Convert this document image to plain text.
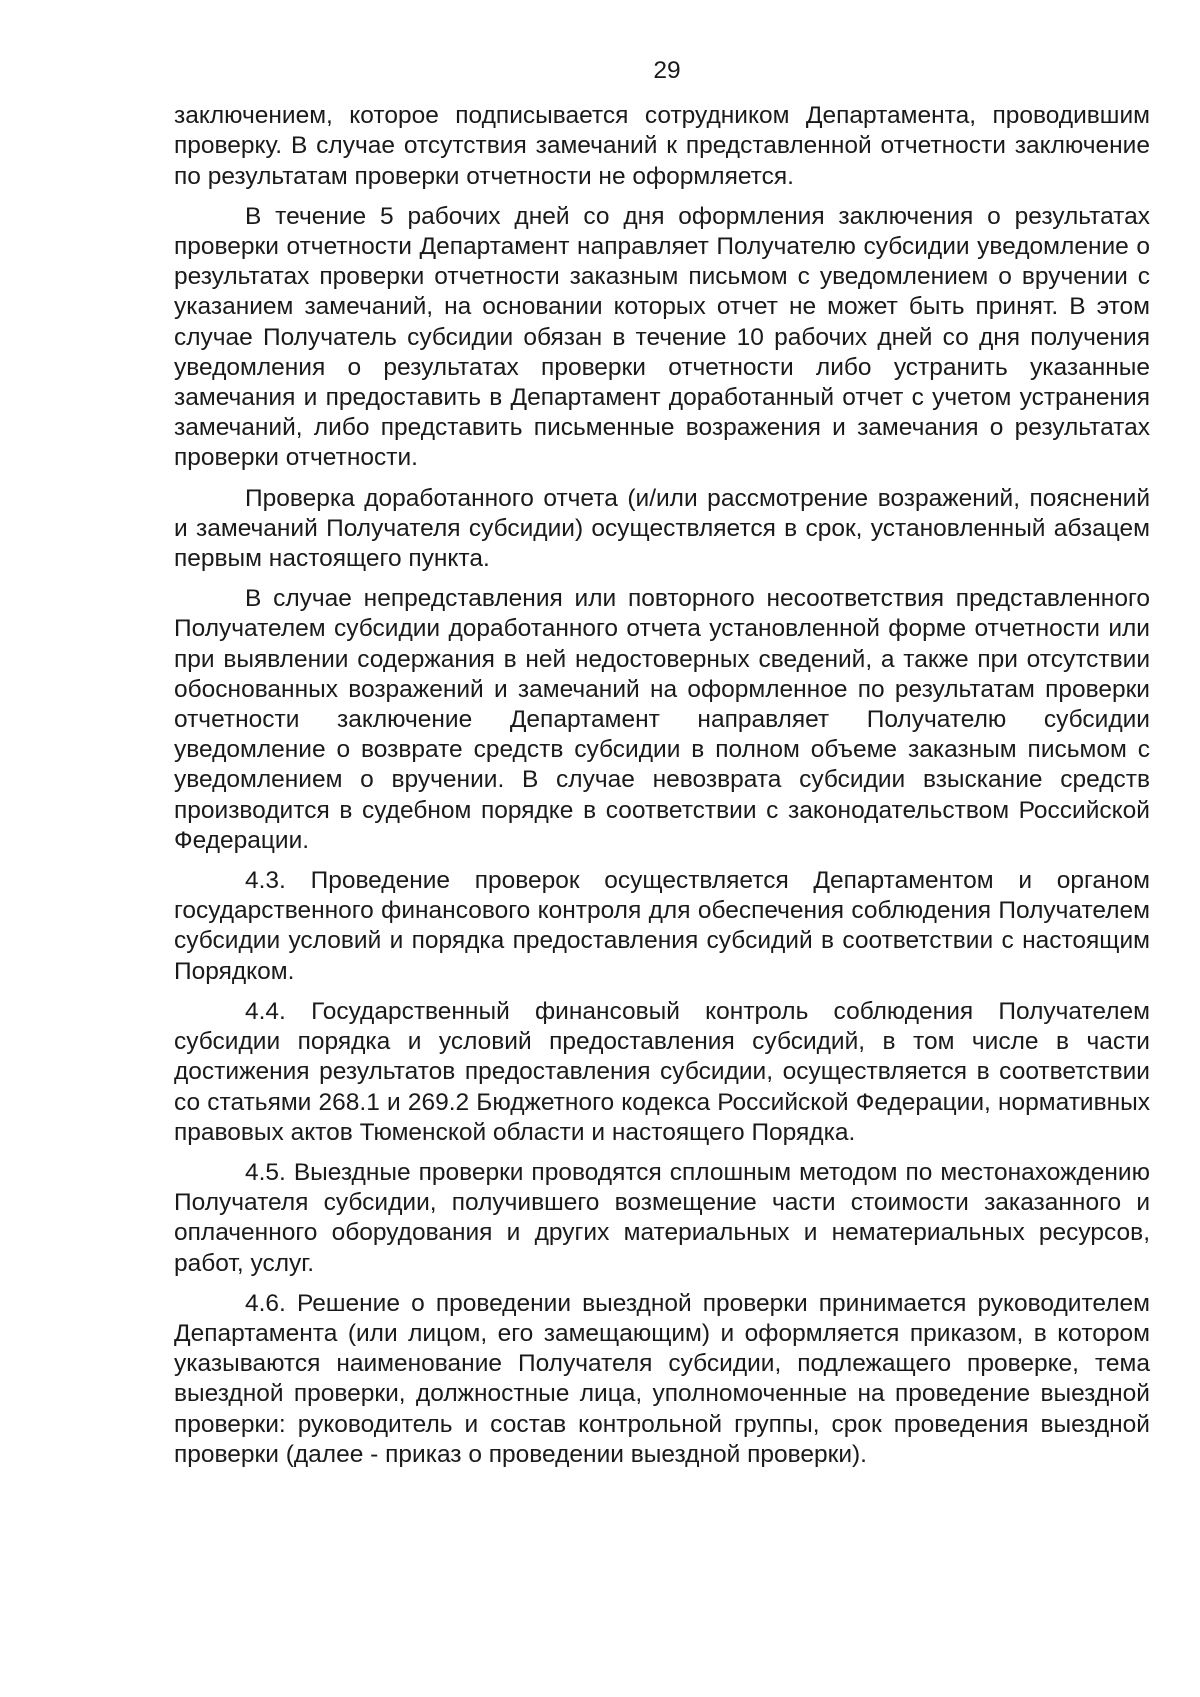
29

заключением, которое подписывается сотрудником Департамента, проводившим проверку. В случае отсутствия замечаний к представленной отчетности заключение по результатам проверки отчетности не оформляется.

В течение 5 рабочих дней со дня оформления заключения о результатах проверки отчетности Департамент направляет Получателю субсидии уведомление о результатах проверки отчетности заказным письмом с уведомлением о вручении с указанием замечаний, на основании которых отчет не может быть принят. В этом случае Получатель субсидии обязан в течение 10 рабочих дней со дня получения уведомления о результатах проверки отчетности либо устранить указанные замечания и предоставить в Департамент доработанный отчет с учетом устранения замечаний, либо представить письменные возражения и замечания о результатах проверки отчетности.

Проверка доработанного отчета (и/или рассмотрение возражений, пояснений и замечаний Получателя субсидии) осуществляется в срок, установленный абзацем первым настоящего пункта.

В случае непредставления или повторного несоответствия представленного Получателем субсидии доработанного отчета установленной форме отчетности или при выявлении содержания в ней недостоверных сведений, а также при отсутствии обоснованных возражений и замечаний на оформленное по результатам проверки отчетности заключение Департамент направляет Получателю субсидии уведомление о возврате средств субсидии в полном объеме заказным письмом с уведомлением о вручении. В случае невозврата субсидии взыскание средств производится в судебном порядке в соответствии с законодательством Российской Федерации.

4.3. Проведение проверок осуществляется Департаментом и органом государственного финансового контроля для обеспечения соблюдения Получателем субсидии условий и порядка предоставления субсидий в соответствии с настоящим Порядком.

4.4. Государственный финансовый контроль соблюдения Получателем субсидии порядка и условий предоставления субсидий, в том числе в части достижения результатов предоставления субсидии, осуществляется в соответствии со статьями 268.1 и 269.2 Бюджетного кодекса Российской Федерации, нормативных правовых актов Тюменской области и настоящего Порядка.

4.5. Выездные проверки проводятся сплошным методом по местонахождению Получателя субсидии, получившего возмещение части стоимости заказанного и оплаченного оборудования и других материальных и нематериальных ресурсов, работ, услуг.

4.6. Решение о проведении выездной проверки принимается руководителем Департамента (или лицом, его замещающим) и оформляется приказом, в котором указываются наименование Получателя субсидии, подлежащего проверке, тема выездной проверки, должностные лица, уполномоченные на проведение выездной проверки: руководитель и состав контрольной группы, срок проведения выездной проверки (далее - приказ о проведении выездной проверки).
